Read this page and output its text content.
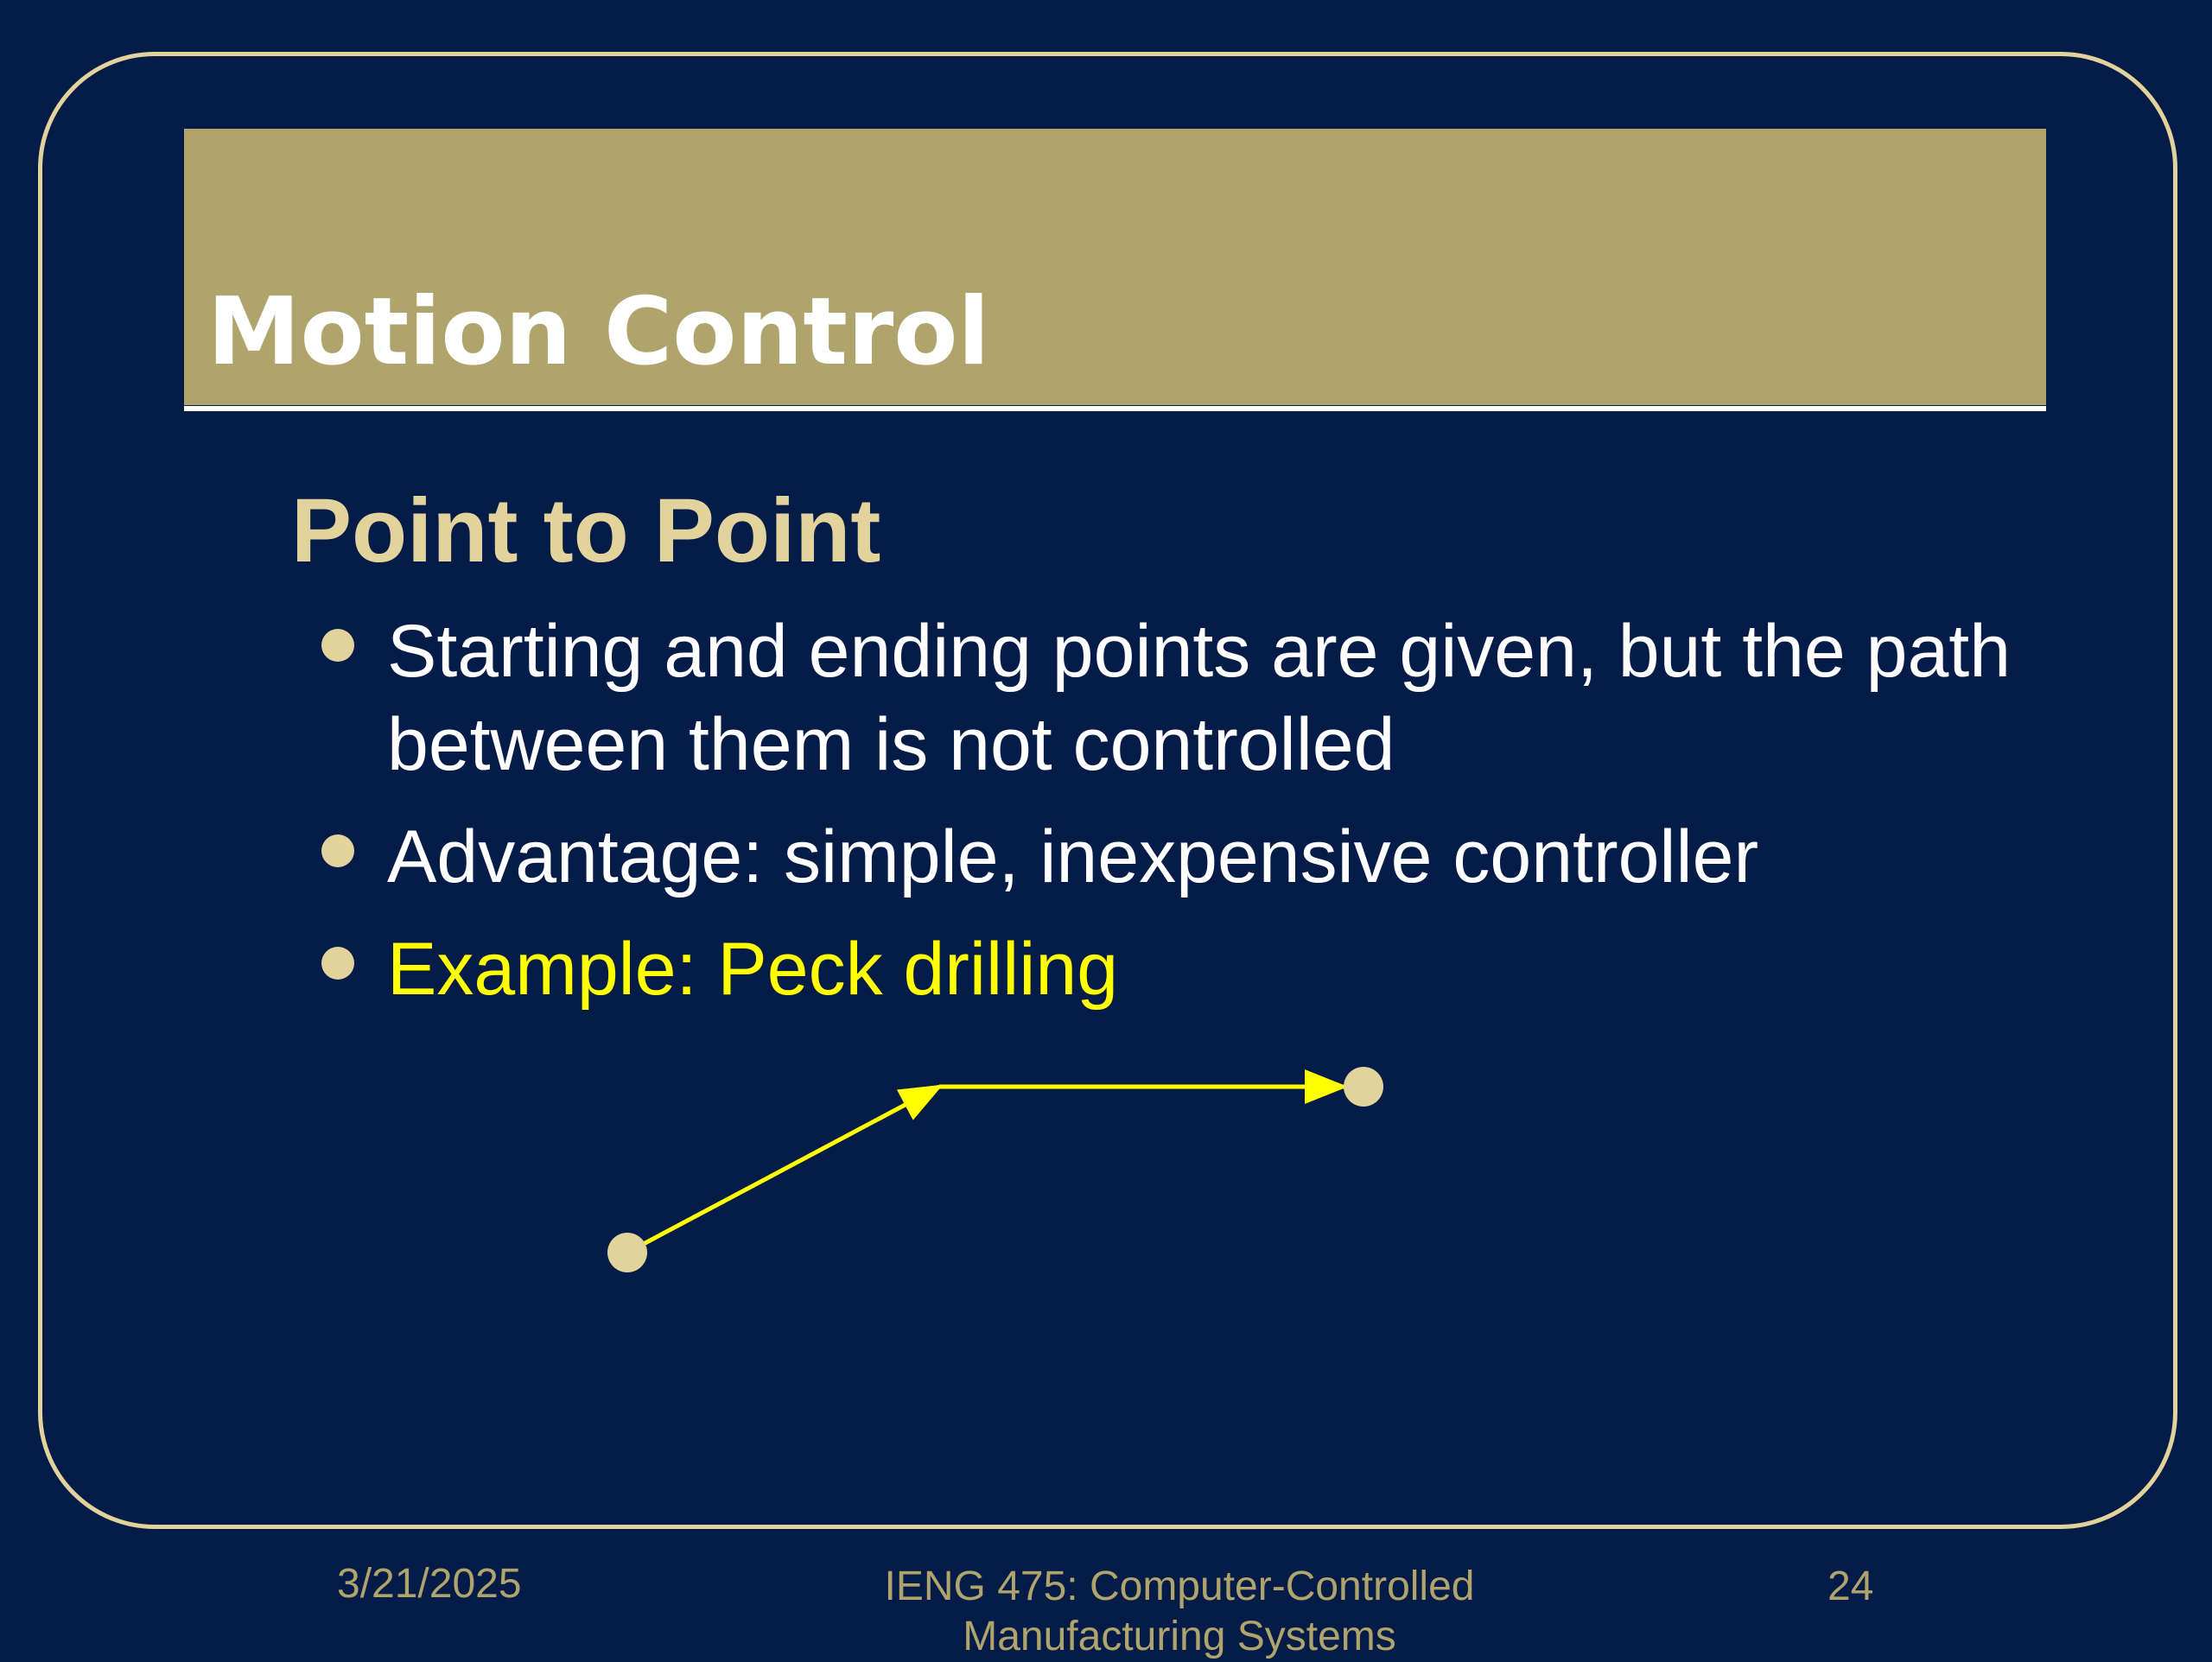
Motion Control
Point to Point
Starting and ending points are given, but the path between them is not controlled
Advantage: simple, inexpensive controller
Example: Peck drilling
3/21/2025	IENG 475: Computer-Controlled Manufacturing Systems
24
